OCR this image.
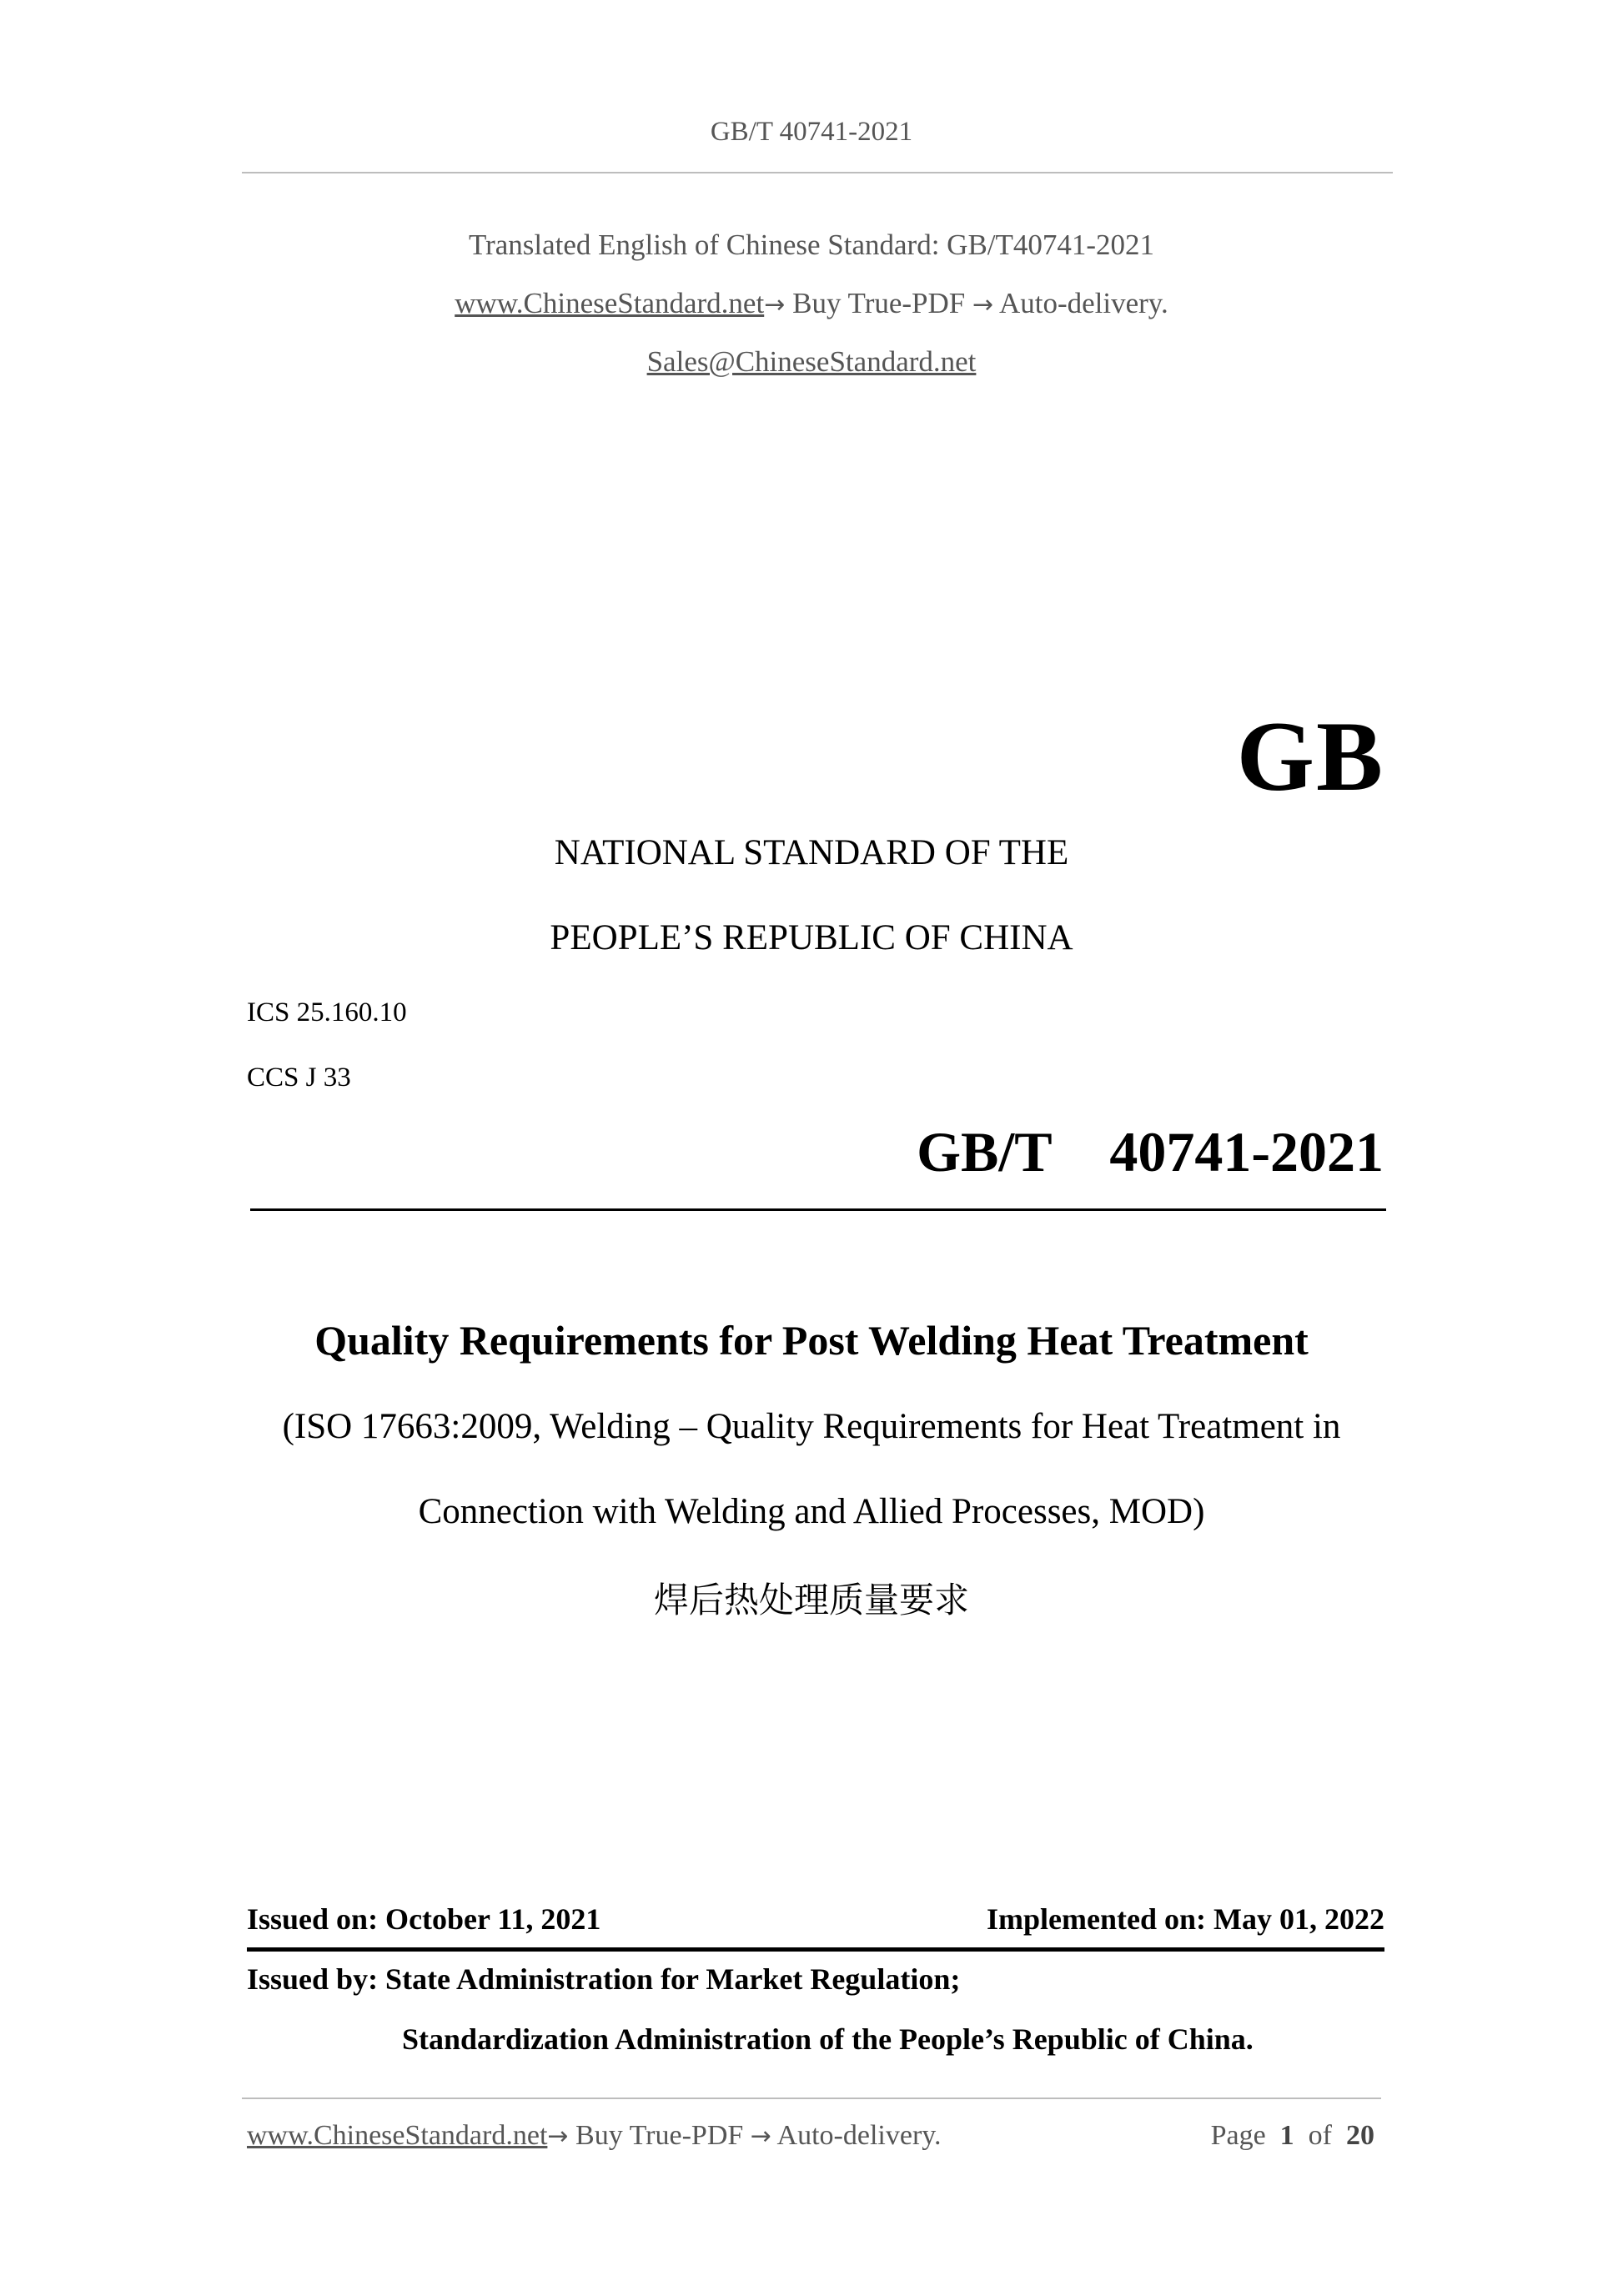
GB/T 40741-2021
Translated English of Chinese Standard: GB/T40741-2021
www.ChineseStandard.net→ Buy True-PDF → Auto-delivery.
Sales@ChineseStandard.net
GB
NATIONAL STANDARD OF THE
PEOPLE’S REPUBLIC OF CHINA
ICS 25.160.10
CCS J 33
GB/T  40741-2021
Quality Requirements for Post Welding Heat Treatment
(ISO 17663:2009, Welding – Quality Requirements for Heat Treatment in
Connection with Welding and Allied Processes, MOD)
焊后热处理质量要求
Issued on: October 11, 2021	Implemented on: May 01, 2022
Issued by: State Administration for Market Regulation;
Standardization Administration of the People’s Republic of China.
www.ChineseStandard.net→ Buy True-PDF → Auto-delivery.	Page 1 of 20
